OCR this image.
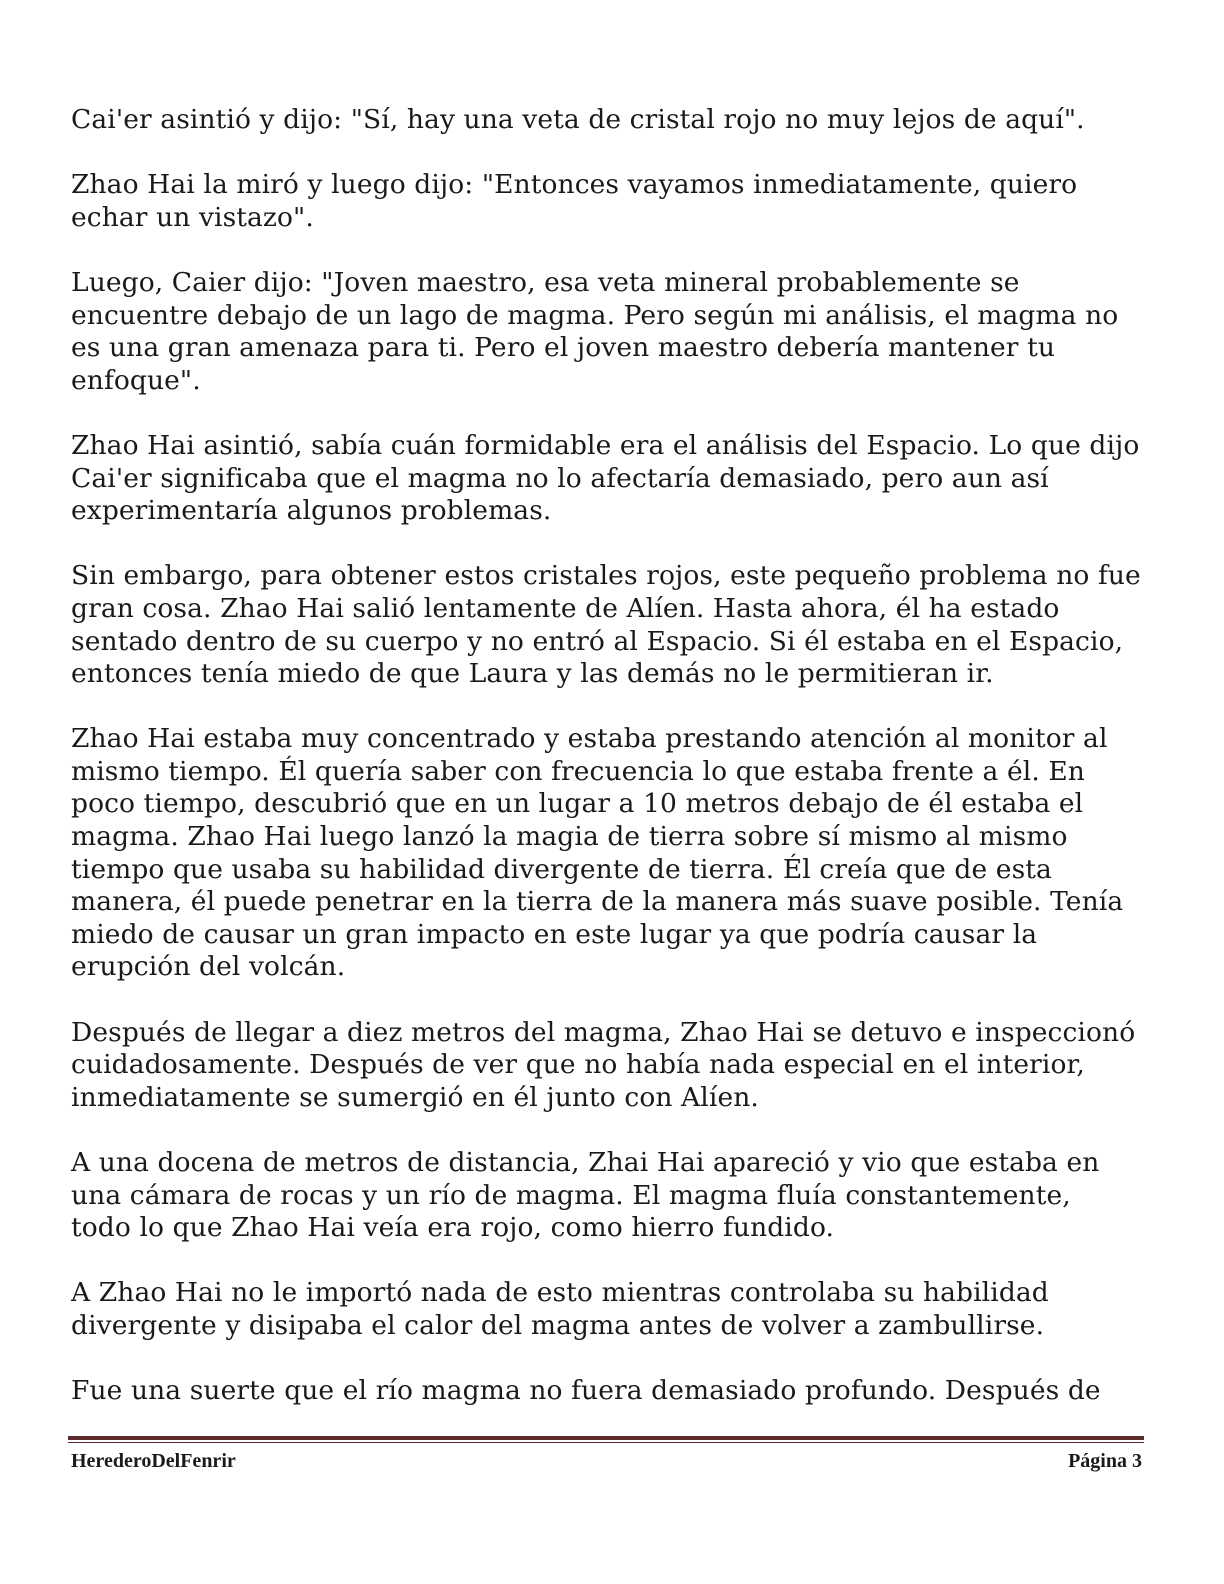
Cai'er asintió y dijo: "Sí, hay una veta de cristal rojo no muy lejos de aquí".

Zhao Hai la miró y luego dijo: "Entonces vayamos inmediatamente, quiero
echar un vistazo".

Luego, Caier dijo: "Joven maestro, esa veta mineral probablemente se
encuentre debajo de un lago de magma. Pero según mi análisis, el magma no
es una gran amenaza para ti. Pero el joven maestro debería mantener tu
enfoque".

Zhao Hai asintió, sabía cuán formidable era el análisis del Espacio. Lo que dijo
Cai'er significaba que el magma no lo afectaría demasiado, pero aun así
experimentaría algunos problemas.

Sin embargo, para obtener estos cristales rojos, este pequeño problema no fue
gran cosa. Zhao Hai salió lentamente de Alíen. Hasta ahora, él ha estado
sentado dentro de su cuerpo y no entró al Espacio. Si él estaba en el Espacio,
entonces tenía miedo de que Laura y las demás no le permitieran ir.

Zhao Hai estaba muy concentrado y estaba prestando atención al monitor al
mismo tiempo. Él quería saber con frecuencia lo que estaba frente a él. En
poco tiempo, descubrió que en un lugar a 10 metros debajo de él estaba el
magma. Zhao Hai luego lanzó la magia de tierra sobre sí mismo al mismo
tiempo que usaba su habilidad divergente de tierra. Él creía que de esta
manera, él puede penetrar en la tierra de la manera más suave posible. Tenía
miedo de causar un gran impacto en este lugar ya que podría causar la
erupción del volcán.

Después de llegar a diez metros del magma, Zhao Hai se detuvo e inspeccionó
cuidadosamente. Después de ver que no había nada especial en el interior,
inmediatamente se sumergió en él junto con Alíen.

A una docena de metros de distancia, Zhai Hai apareció y vio que estaba en
una cámara de rocas y un río de magma. El magma fluía constantemente,
todo lo que Zhao Hai veía era rojo, como hierro fundido.

A Zhao Hai no le importó nada de esto mientras controlaba su habilidad
divergente y disipaba el calor del magma antes de volver a zambullirse.

Fue una suerte que el río magma no fuera demasiado profundo. Después de

HerederoDelFenrir	Página 3
